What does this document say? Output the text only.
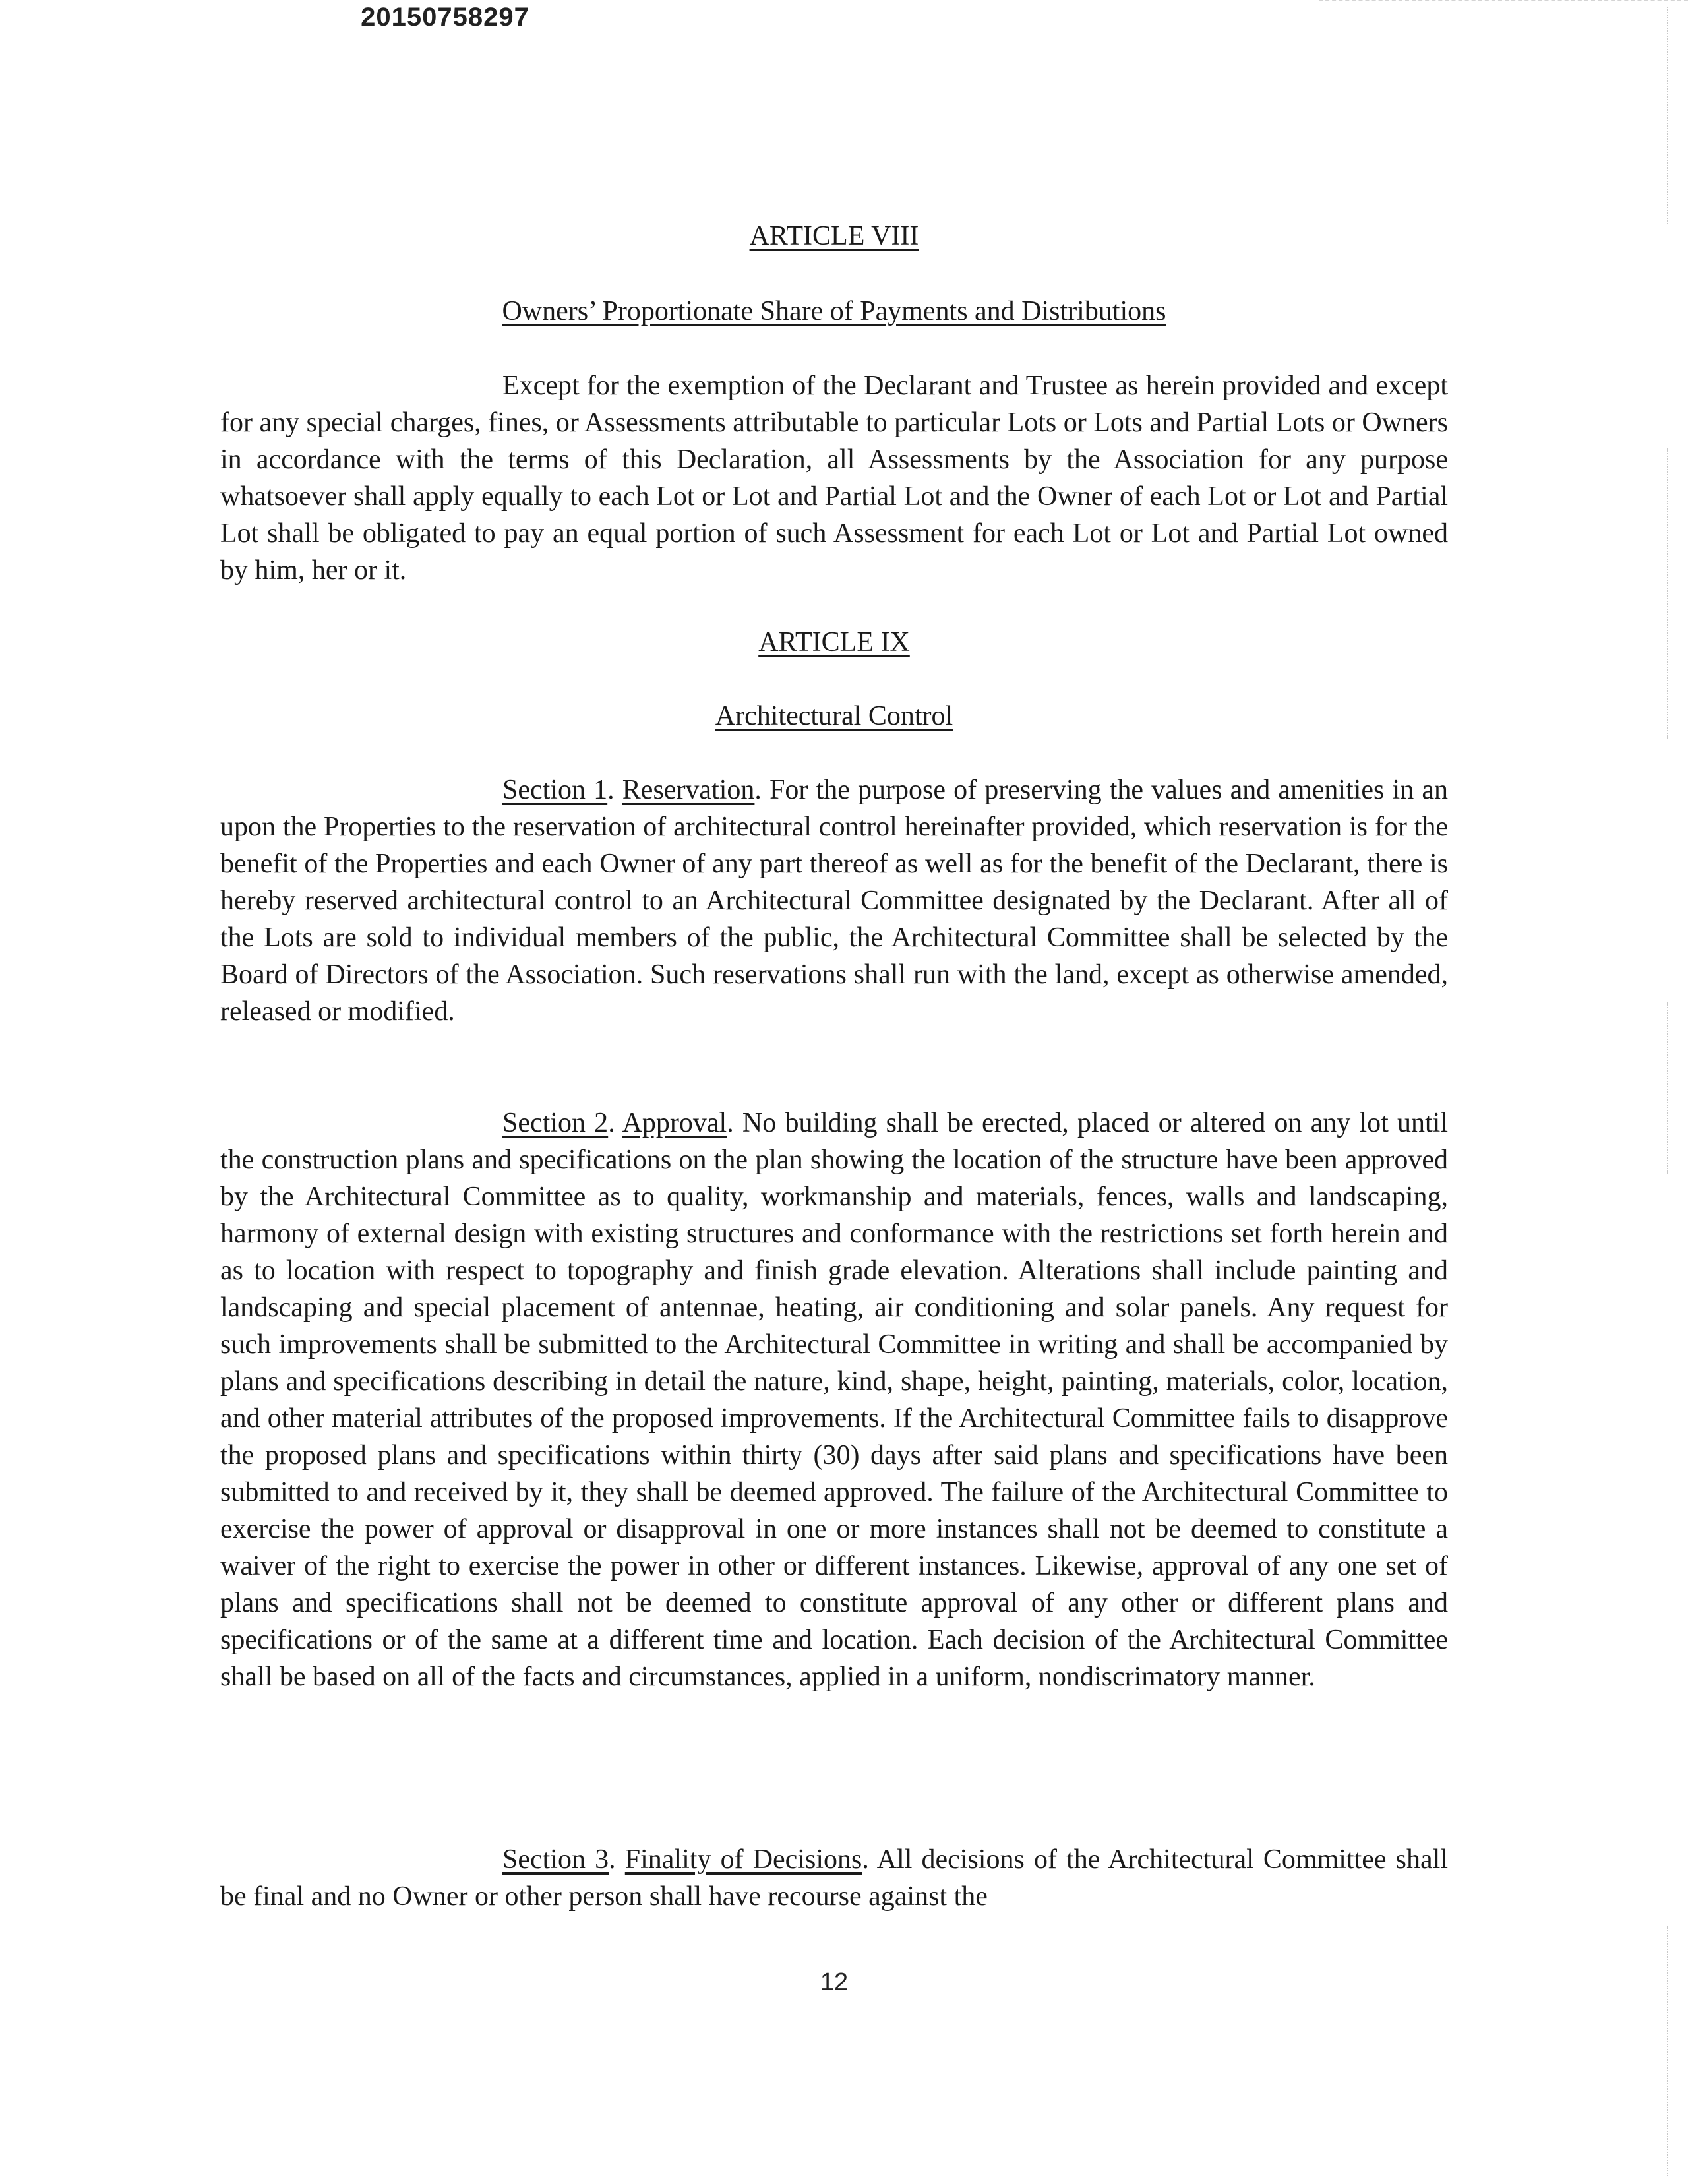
20150758297
ARTICLE VIII
Owners’ Proportionate Share of Payments and Distributions
Except for the exemption of the Declarant and Trustee as herein provided and except for any special charges, fines, or Assessments attributable to particular Lots or Lots and Partial Lots or Owners in accordance with the terms of this Declaration, all Assessments by the Association for any purpose whatsoever shall apply equally to each Lot or Lot and Partial Lot and the Owner of each Lot or Lot and Partial Lot shall be obligated to pay an equal portion of such Assessment for each Lot or Lot and Partial Lot owned by him, her or it.
ARTICLE IX
Architectural Control
Section 1. Reservation. For the purpose of preserving the values and amenities in an upon the Properties to the reservation of architectural control hereinafter provided, which reservation is for the benefit of the Properties and each Owner of any part thereof as well as for the benefit of the Declarant, there is hereby reserved architectural control to an Architectural Committee designated by the Declarant. After all of the Lots are sold to individual members of the public, the Architectural Committee shall be selected by the Board of Directors of the Association. Such reservations shall run with the land, except as otherwise amended, released or modified.
Section 2. Approval. No building shall be erected, placed or altered on any lot until the construction plans and specifications on the plan showing the location of the structure have been approved by the Architectural Committee as to quality, workmanship and materials, fences, walls and landscaping, harmony of external design with existing structures and conformance with the restrictions set forth herein and as to location with respect to topography and finish grade elevation. Alterations shall include painting and landscaping and special placement of antennae, heating, air conditioning and solar panels. Any request for such improvements shall be submitted to the Architectural Committee in writing and shall be accompanied by plans and specifications describing in detail the nature, kind, shape, height, painting, materials, color, location, and other material attributes of the proposed improvements. If the Architectural Committee fails to disapprove the proposed plans and specifications within thirty (30) days after said plans and specifications have been submitted to and received by it, they shall be deemed approved. The failure of the Architectural Committee to exercise the power of approval or disapproval in one or more instances shall not be deemed to constitute a waiver of the right to exercise the power in other or different instances. Likewise, approval of any one set of plans and specifications shall not be deemed to constitute approval of any other or different plans and specifications or of the same at a different time and location. Each decision of the Architectural Committee shall be based on all of the facts and circumstances, applied in a uniform, nondiscrimatory manner.
Section 3. Finality of Decisions. All decisions of the Architectural Committee shall be final and no Owner or other person shall have recourse against the
12
